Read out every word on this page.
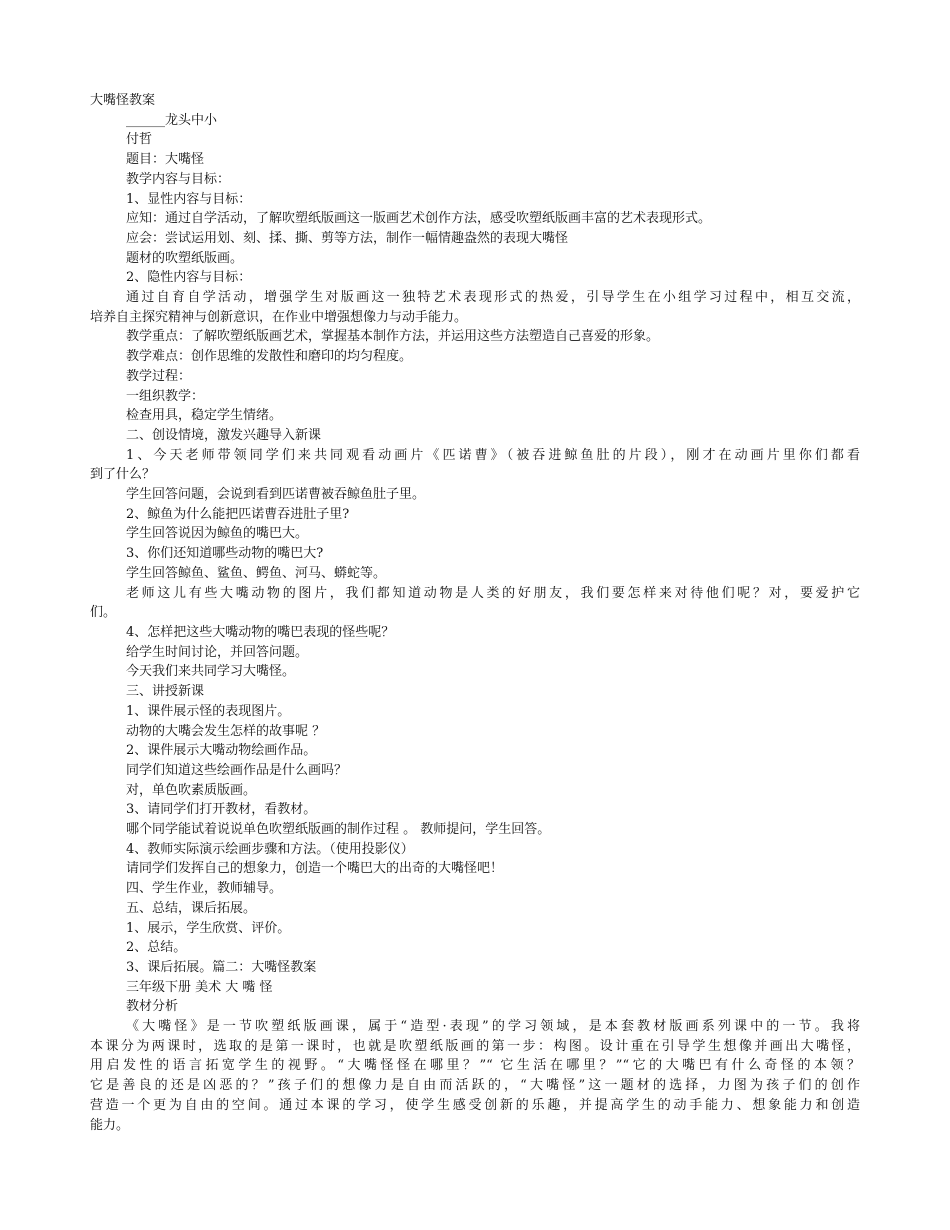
大嘴怪教案
______龙头中小
付哲
题目：大嘴怪
教学内容与目标：
1、显性内容与目标：
应知：通过自学活动，了解吹塑纸版画这一版画艺术创作方法，感受吹塑纸版画丰富的艺术表现形式。
应会：尝试运用划、刻、揉、撕、剪等方法，制作一幅情趣盎然的表现大嘴怪
题材的吹塑纸版画。
2、隐性内容与目标：
通过自育自学活动，增强学生对版画这一独特艺术表现形式的热爱，引导学生在小组学习过程中，相互交流，
培养自主探究精神与创新意识，在作业中增强想像力与动手能力。
教学重点：了解吹塑纸版画艺术，掌握基本制作方法，并运用这些方法塑造自己喜爱的形象。
教学难点：创作思维的发散性和磨印的均匀程度。
教学过程：
一组织教学：
检查用具，稳定学生情绪。
二、创设情境，激发兴趣导入新课
1、今天老师带领同学们来共同观看动画片《匹诺曹》（被吞进鲸鱼肚的片段），刚才在动画片里你们都看
到了什么？
学生回答问题，会说到看到匹诺曹被吞鲸鱼肚子里。
2、鲸鱼为什么能把匹诺曹吞进肚子里?
学生回答说因为鲸鱼的嘴巴大。
3、你们还知道哪些动物的嘴巴大?
学生回答鲸鱼、鲨鱼、鳄鱼、河马、蟒蛇等。
老师这儿有些大嘴动物的图片，我们都知道动物是人类的好朋友，我们要怎样来对待他们呢？对，要爱护它
们。
4、怎样把这些大嘴动物的嘴巴表现的怪些呢？
给学生时间讨论，并回答问题。
今天我们来共同学习大嘴怪。
三、讲授新课
1、课件展示怪的表现图片。
动物的大嘴会发生怎样的故事呢 ？
2、课件展示大嘴动物绘画作品。
同学们知道这些绘画作品是什么画吗？
对，单色吹素质版画。
3、请同学们打开教材，看教材。
哪个同学能试着说说单色吹塑纸版画的制作过程 。 教师提问，学生回答。
4、教师实际演示绘画步骤和方法。（使用投影仪）
请同学们发挥自己的想象力，创造一个嘴巴大的出奇的大嘴怪吧！
四、学生作业，教师辅导。
五、总结，课后拓展。
1、展示，学生欣赏、评价。
2、总结。
3、课后拓展。篇二：大嘴怪教案
三年级下册 美术 大 嘴 怪
教材分析
《大嘴怪》是一节吹塑纸版画课，属于“造型·表现”的学习领域，是本套教材版画系列课中的一节。我将
本课分为两课时，选取的是第一课时，也就是吹塑纸版画的第一步：构图。设计重在引导学生想像并画出大嘴怪，
用启发性的语言拓宽学生的视野。“大嘴怪怪在哪里？”“ 它生活在哪里？”“它的大嘴巴有什么奇怪的本领？
它是善良的还是凶恶的？”孩子们的想像力是自由而活跃的，“大嘴怪”这一题材的选择，力图为孩子们的创作
营造一个更为自由的空间。通过本课的学习，使学生感受创新的乐趣，并提高学生的动手能力、想象能力和创造
能力。
